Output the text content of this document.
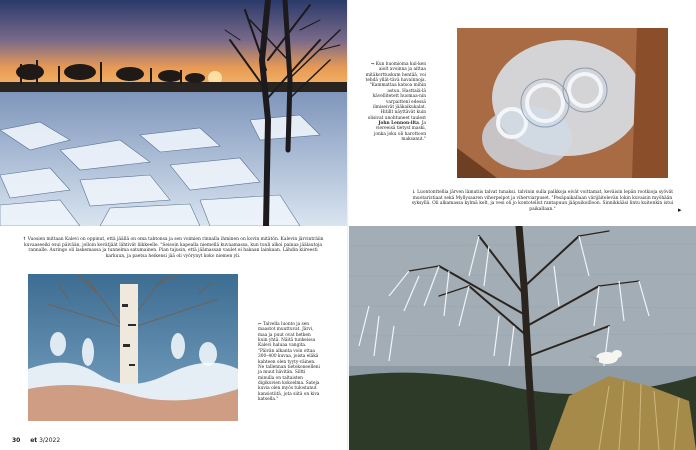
→ Kun huomioma kul-ken aiolt avoinna ja aittaa mitäkorttuskum hentää, voi tehdä yllät-tävä havainnoja. "Kammattaa katsoa mihin astuu. Hasttaiä-lä hävellitetett huomaa-nin varpaittenl edessä ilmiseivät jääkaikukalat. Hitillt näyttävät kuin olisivat unohtuneet taulest John Lennon-ilta. Ja viereeisä tietyst maski, jonka joku oli harottoon maksanut."
↓ Luontonttellia järven lämutiis talvat tunaksi. talvinin sulla palkkoja eivät voittamat, keväisin lepän rootkioja syövät muotaristiaat sekä Myllysaaren viherpeipot ja viherviarpuset. "Pesäpaikallaan värijäitelevän lokin kuvaisin myöhään syksyllä. Oli alkamassa kylmä kelt, ja vesi oli jo kontotellut rantapuun jääpuikoilloon. Sinnikkääsi lintu kuitenkin istui paikallaan."	▸
↑ Vuosien mittaan Kalevi on oppinut, että jäällä on oma tahtonsa ja sen voimien rinnalla ihminen on kovin mitätön. Kalevin järvinträiin kuvaaseeiki osui päivään, jolloin kevätjäät lähtivät liikkeelle. "Seisoin kapealla niemellä kuvaamassa, kun tuuli alkoi painaa jäälautoja rannalle. Auringo oli laskemassa ja tunnelma satumainen. Pian tajusin, että jäämassan vaulet ei hakaan lainkaan. Lähdin kiireesti karkuun, ja paetsa heikensi jää oli vyörynyt koko niemen yli.
← Talvella luonto ja sen maastot muuttuvat. Järvi, maa ja puut ovat hetken kuin yhtä. Näitä tunkeissa Kalevi haluaa vangita. "Päivän alkanta voin ottaa 300–400 kuvaa, joista eläkä kahteen olen tyyty-väinen. Ne tallennan tietokoneelleni ja muut hävitän. Siltti minulla on taltaisten digikuvien kokoelma. Sateja kuvia olen myös tulostanut kansiotiitä, jota siitä on kiva katsella."
30 et 3/2022
